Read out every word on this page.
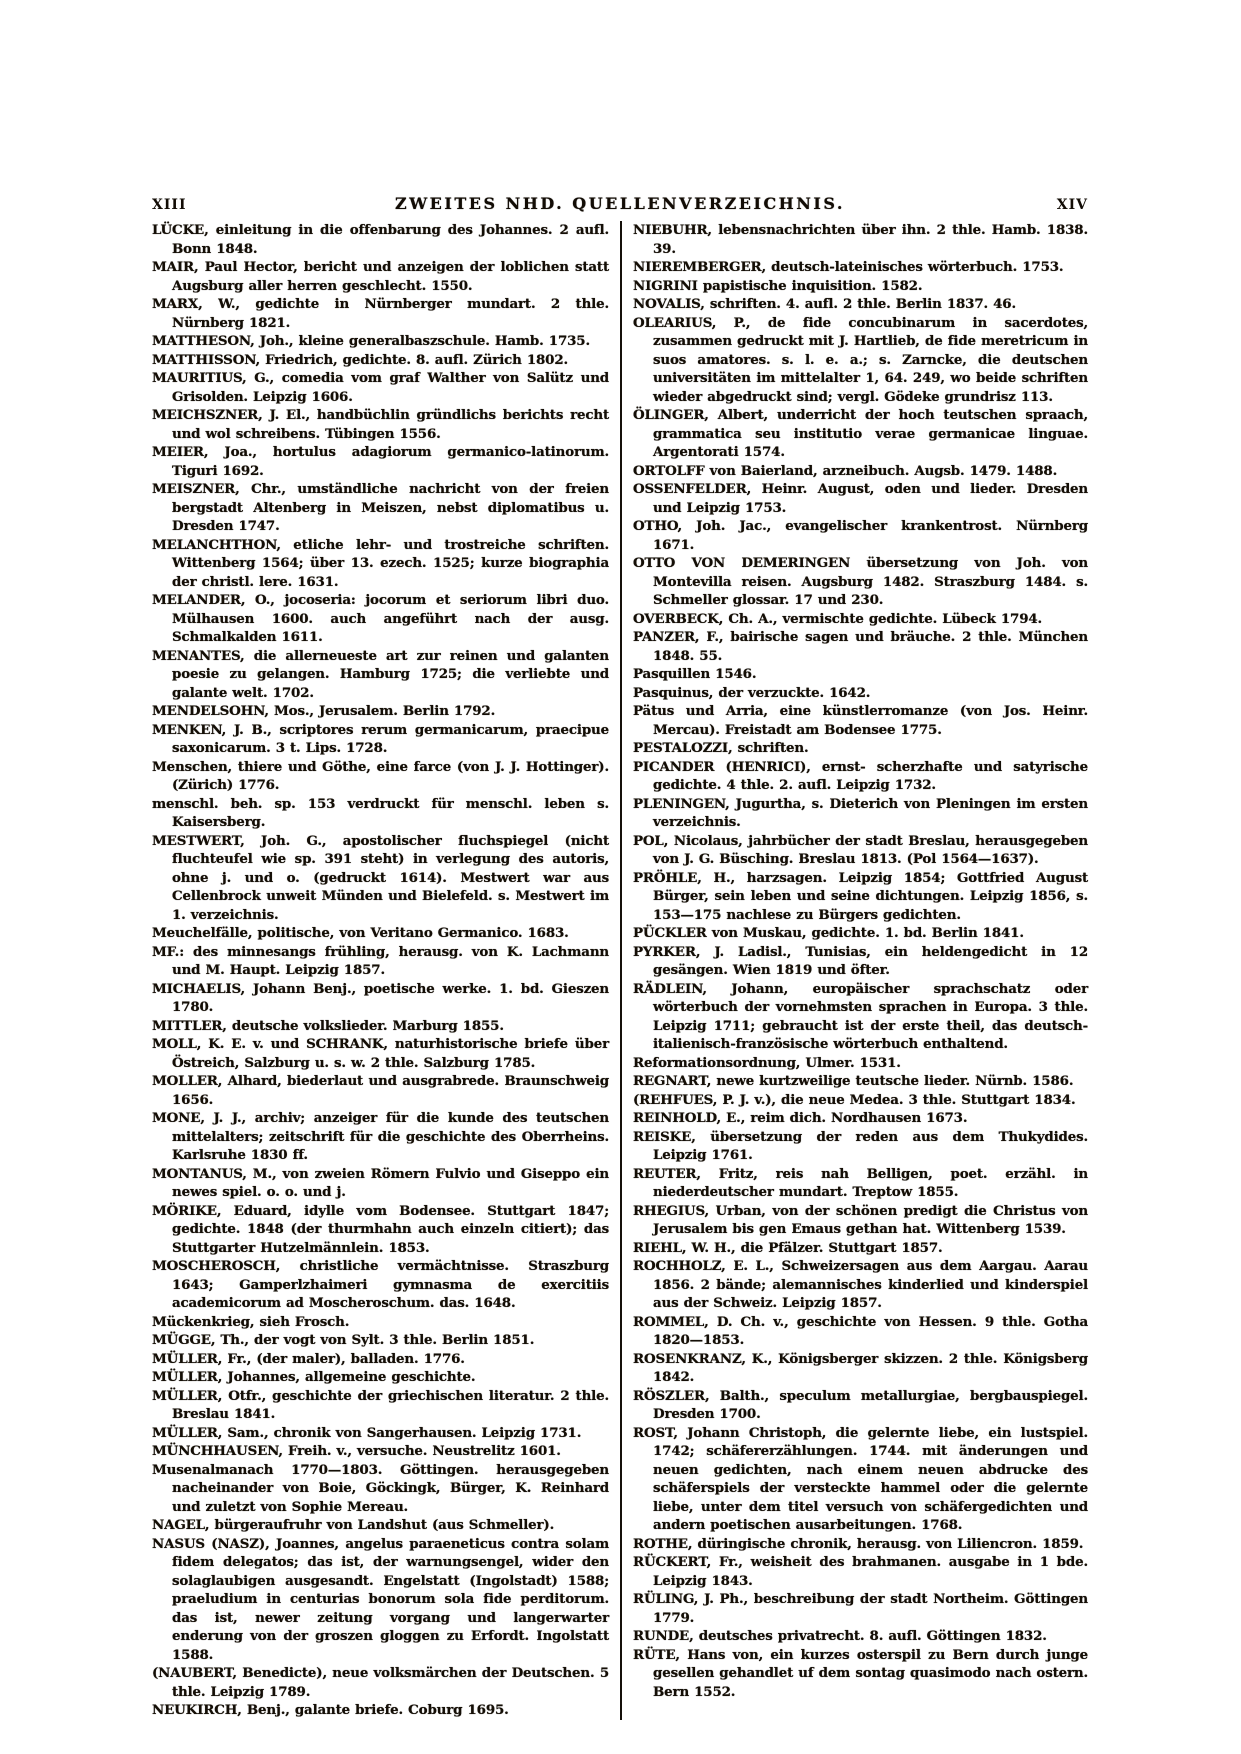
XIII	ZWEITES NHD. QUELLENVERZEICHNIS.	XIV

LÜCKE, einleitung in die offenbarung des Johannes. 2 aufl. Bonn 1848.

MAIR, Paul Hector, bericht und anzeigen der loblichen statt Augsburg aller herren geschlecht. 1550.

MARX, W., gedichte in Nürnberger mundart. 2 thle. Nürnberg 1821.

MATTHESON, Joh., kleine generalbaszschule. Hamb. 1735.

MATTHISSON, Friedrich, gedichte. 8. aufl. Zürich 1802.

MAURITIUS, G., comedia vom graf Walther von Salütz und Grisolden. Leipzig 1606.

MEICHSZNER, J. El., handbüchlin gründlichs berichts recht und wol schreibens. Tübingen 1556.

MEIER, Joa., hortulus adagiorum germanico-latinorum. Tiguri 1692.

MEISZNER, Chr., umständliche nachricht von der freien bergstadt Altenberg in Meiszen, nebst diplomatibus u. Dresden 1747.

MELANCHTHON, etliche lehr- und trostreiche schriften. Wittenberg 1564; über 13. ezech. 1525; kurze biographia der christl. lere. 1631.

MELANDER, O., jocoseria: jocorum et seriorum libri duo. Mülhausen 1600. auch angeführt nach der ausg. Schmalkalden 1611.

MENANTES, die allerneueste art zur reinen und galanten poesie zu gelangen. Hamburg 1725; die verliebte und galante welt. 1702.

MENDELSOHN, Mos., Jerusalem. Berlin 1792.

MENKEN, J. B., scriptores rerum germanicarum, praecipue saxonicarum. 3 t. Lips. 1728.

Menschen, thiere und Göthe, eine farce (von J. J. Hottinger). (Zürich) 1776.

menschl. beh. sp. 153 verdruckt für menschl. leben s. Kaisersberg.

MESTWERT, Joh. G., apostolischer fluchspiegel (nicht fluchteufel wie sp. 391 steht) in verlegung des autoris, ohne j. und o. (gedruckt 1614). Mestwert war aus Cellenbrock unweit Münden und Bielefeld. s. Mestwert im 1. verzeichnis.

Meuchelfälle, politische, von Veritano Germanico. 1683.

MF.: des minnesangs frühling, herausg. von K. Lachmann und M. Haupt. Leipzig 1857.

MICHAELIS, Johann Benj., poetische werke. 1. bd. Gieszen 1780.

MITTLER, deutsche volkslieder. Marburg 1855.

MOLL, K. E. v. und SCHRANK, naturhistorische briefe über Östreich, Salzburg u. s. w. 2 thle. Salzburg 1785.

MOLLER, Alhard, biederlaut und ausgrabrede. Braunschweig 1656.

MONE, J. J., archiv; anzeiger für die kunde des teutschen mittelalters; zeitschrift für die geschichte des Oberrheins. Karlsruhe 1830 ff.

MONTANUS, M., von zweien Römern Fulvio und Giseppo ein newes spiel. o. o. und j.

MÖRIKE, Eduard, idylle vom Bodensee. Stuttgart 1847; gedichte. 1848 (der thurmhahn auch einzeln citiert); das Stuttgarter Hutzelmännlein. 1853.

MOSCHEROSCH, christliche vermächtnisse. Straszburg 1643; Gamperlzhaimeri gymnasma de exercitiis academicorum ad Moscheroschum. das. 1648.

Mückenkrieg, sieh Frosch.

MÜGGE, Th., der vogt von Sylt. 3 thle. Berlin 1851.

MÜLLER, Fr., (der maler), balladen. 1776.

MÜLLER, Johannes, allgemeine geschichte.

MÜLLER, Otfr., geschichte der griechischen literatur. 2 thle. Breslau 1841.

MÜLLER, Sam., chronik von Sangerhausen. Leipzig 1731.

MÜNCHHAUSEN, Freih. v., versuche. Neustrelitz 1601.

Musenalmanach 1770—1803. Göttingen. herausgegeben nacheinander von Boie, Göckingk, Bürger, K. Reinhard und zuletzt von Sophie Mereau.

NAGEL, bürgeraufruhr von Landshut (aus Schmeller).

NASUS (NASZ), Joannes, angelus paraeneticus contra solam fidem delegatos; das ist, der warnungsengel, wider den solaglaubigen ausgesandt. Engelstatt (Ingolstadt) 1588; praeludium in centurias bonorum sola fide perditorum. das ist, newer zeitung vorgang und langerwarter enderung von der groszen gloggen zu Erfordt. Ingolstatt 1588.

(NAUBERT, Benedicte), neue volksmärchen der Deutschen. 5 thle. Leipzig 1789.

NEUKIRCH, Benj., galante briefe. Coburg 1695.

NIEBUHR, lebensnachrichten über ihn. 2 thle. Hamb. 1838. 39.

NIEREMBERGER, deutsch-lateinisches wörterbuch. 1753.

NIGRINI papistische inquisition. 1582.

NOVALIS, schriften. 4. aufl. 2 thle. Berlin 1837. 46.

OLEARIUS, P., de fide concubinarum in sacerdotes, zusammen gedruckt mit J. Hartlieb, de fide meretricum in suos amatores. s. l. e. a.; s. Zarncke, die deutschen universitäten im mittelalter 1, 64. 249, wo beide schriften wieder abgedruckt sind; vergl. Gödeke grundrisz 113.

ÖLINGER, Albert, underricht der hoch teutschen spraach, grammatica seu institutio verae germanicae linguae. Argentorati 1574.

ORTOLFF von Baierland, arzneibuch. Augsb. 1479. 1488.

OSSENFELDER, Heinr. August, oden und lieder. Dresden und Leipzig 1753.

OTHO, Joh. Jac., evangelischer krankentrost. Nürnberg 1671.

OTTO VON DEMERINGEN übersetzung von Joh. von Montevilla reisen. Augsburg 1482. Straszburg 1484. s. Schmeller glossar. 17 und 230.

OVERBECK, Ch. A., vermischte gedichte. Lübeck 1794.

PANZER, F., bairische sagen und bräuche. 2 thle. München 1848. 55.

Pasquillen 1546.

Pasquinus, der verzuckte. 1642.

Pätus und Arria, eine künstlerromanze (von Jos. Heinr. Mercau). Freistadt am Bodensee 1775.

PESTALOZZI, schriften.

PICANDER (HENRICI), ernst- scherzhafte und satyrische gedichte. 4 thle. 2. aufl. Leipzig 1732.

PLENINGEN, Jugurtha, s. Dieterich von Pleningen im ersten verzeichnis.

POL, Nicolaus, jahrbücher der stadt Breslau, herausgegeben von J. G. Büsching. Breslau 1813. (Pol 1564—1637).

PRÖHLE, H., harzsagen. Leipzig 1854; Gottfried August Bürger, sein leben und seine dichtungen. Leipzig 1856, s. 153—175 nachlese zu Bürgers gedichten.

PÜCKLER von Muskau, gedichte. 1. bd. Berlin 1841.

PYRKER, J. Ladisl., Tunisias, ein heldengedicht in 12 gesängen. Wien 1819 und öfter.

RÄDLEIN, Johann, europäischer sprachschatz oder wörterbuch der vornehmsten sprachen in Europa. 3 thle. Leipzig 1711; gebraucht ist der erste theil, das deutsch-italienisch-französische wörterbuch enthaltend.

Reformationsordnung, Ulmer. 1531.

REGNART, newe kurtzweilige teutsche lieder. Nürnb. 1586.

(REHFUES, P. J. v.), die neue Medea. 3 thle. Stuttgart 1834.

REINHOLD, E., reim dich. Nordhausen 1673.

REISKE, übersetzung der reden aus dem Thukydides. Leipzig 1761.

REUTER, Fritz, reis nah Belligen, poet. erzähl. in niederdeutscher mundart. Treptow 1855.

RHEGIUS, Urban, von der schönen predigt die Christus von Jerusalem bis gen Emaus gethan hat. Wittenberg 1539.

RIEHL, W. H., die Pfälzer. Stuttgart 1857.

ROCHHOLZ, E. L., Schweizersagen aus dem Aargau. Aarau 1856. 2 bände; alemannisches kinderlied und kinderspiel aus der Schweiz. Leipzig 1857.

ROMMEL, D. Ch. v., geschichte von Hessen. 9 thle. Gotha 1820—1853.

ROSENKRANZ, K., Königsberger skizzen. 2 thle. Königsberg 1842.

RÖSZLER, Balth., speculum metallurgiae, bergbauspiegel. Dresden 1700.

ROST, Johann Christoph, die gelernte liebe, ein lustspiel. 1742; schäfererzählungen. 1744. mit änderungen und neuen gedichten, nach einem neuen abdrucke des schäferspiels der versteckte hammel oder die gelernte liebe, unter dem titel versuch von schäfergedichten und andern poetischen ausarbeitungen. 1768.

ROTHE, düringische chronik, herausg. von Liliencron. 1859.

RÜCKERT, Fr., weisheit des brahmanen. ausgabe in 1 bde. Leipzig 1843.

RÜLING, J. Ph., beschreibung der stadt Northeim. Göttingen 1779.

RUNDE, deutsches privatrecht. 8. aufl. Göttingen 1832.

RÜTE, Hans von, ein kurzes osterspil zu Bern durch junge gesellen gehandlet uf dem sontag quasimodo nach ostern. Bern 1552.
